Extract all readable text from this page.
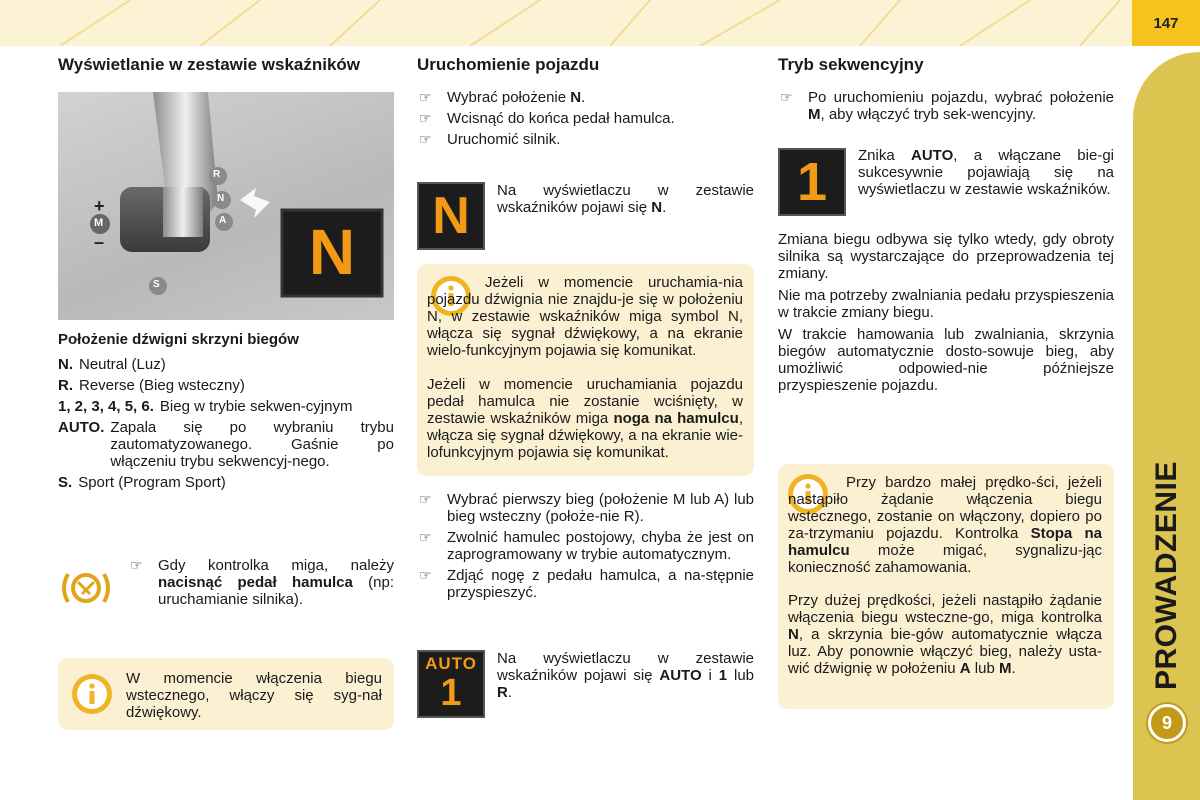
147
PROWADZENIE
9
Wyświetlanie w zestawie wskaźników
R
N
A
M
S
+
–	N
Położenie dźwigni skrzyni biegów
N. Neutral (Luz)
R. Reverse (Bieg wsteczny)
1, 2, 3, 4, 5, 6. Bieg w trybie sekwen-cyjnym
AUTO. Zapala się po wybraniu trybu zautomatyzowanego. Gaśnie po włączeniu trybu sekwencyj-nego.
S. Sport (Program Sport)
☞ Gdy kontrolka miga, należy nacisnąć pedał hamulca (np: uruchamianie silnika).
W momencie włączenia biegu wstecznego, włączy się syg-nał dźwiękowy.
Uruchomienie pojazdu
☞ Wybrać położenie N.
☞ Wcisnąć do końca pedał hamulca.
☞ Uruchomić silnik.
N	Na wyświetlaczu w zestawie wskaźników pojawi się N.
Jeżeli w momencie uruchamia-nia pojazdu dźwignia nie znajdu-je się w położeniu N, w zestawie wskaźników miga symbol N, włącza się sygnał dźwiękowy, a na ekranie wielo-funkcyjnym pojawia się komunikat.
Jeżeli w momencie uruchamiania pojazdu pedał hamulca nie zostanie wciśnięty, w zestawie wskaźników miga noga na hamulcu, włącza się sygnał dźwiękowy, a na ekranie wie-lofunkcyjnym pojawia się komunikat.
☞ Wybrać pierwszy bieg (położenie M lub A) lub bieg wsteczny (położe-nie R).
☞ Zwolnić hamulec postojowy, chyba że jest on zaprogramowany w trybie automatycznym.
☞ Zdjąć nogę z pedału hamulca, a na-stępnie przyspieszyć.
AUTO
1
Na wyświetlaczu w zestawie wskaźników pojawi się AUTO i 1 lub R.
Tryb sekwencyjny
☞ Po uruchomieniu pojazdu, wybrać położenie M, aby włączyć tryb sek-wencyjny.
1	Znika AUTO, a włączane bie-gi sukcesywnie pojawiają się na wyświetlaczu w zestawie wskaźników.

Zmiana biegu odbywa się tylko wtedy, gdy obroty silnika są wystarczające do przeprowadzenia tej zmiany.

Nie ma potrzeby zwalniania pedału przyspieszenia w trakcie zmiany biegu.

W trakcie hamowania lub zwalniania, skrzynia biegów automatycznie dosto-sowuje bieg, aby umożliwić odpowied-nie późniejsze przyspieszenie pojazdu.

Przy bardzo małej prędko-ści, jeżeli nastąpiło żądanie włączenia biegu wstecznego, zostanie on włączony, dopiero po za-trzymaniu pojazdu. Kontrolka Stopa na hamulcu może migać, sygnalizu-jąc konieczność zahamowania.
Przy dużej prędkości, jeżeli nastąpiło żądanie włączenia biegu wsteczne-go, miga kontrolka N, a skrzynia bie-gów automatycznie włącza luz. Aby ponownie włączyć bieg, należy usta-wić dźwignię w położeniu A lub M.
